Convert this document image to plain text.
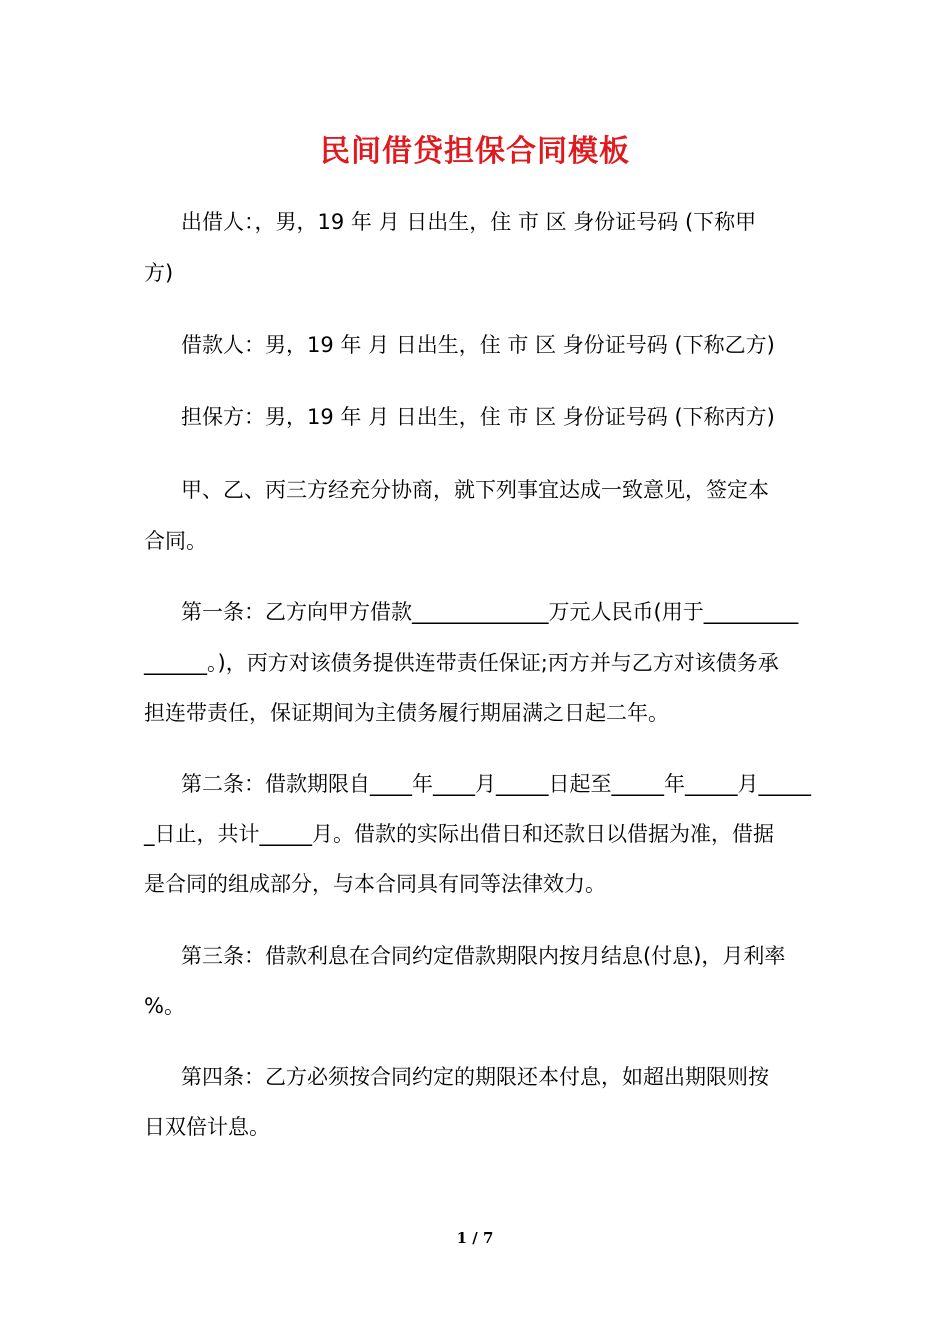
民间借贷担保合同模板
出借人：，男，19 年 月 日出生，住 市 区 身份证号码 (下称甲
方)
借款人：男，19 年 月 日出生，住 市 区 身份证号码 (下称乙方)
担保方：男，19 年 月 日出生，住 市 区 身份证号码 (下称丙方)
甲、乙、丙三方经充分协商，就下列事宜达成一致意见，签定本
合同。
第一条：乙方向甲方借款_____________万元人民币(用于_________
______。)，丙方对该债务提供连带责任保证;丙方并与乙方对该债务承
担连带责任，保证期间为主债务履行期届满之日起二年。
第二条：借款期限自____年____月_____日起至_____年_____月_____
_日止，共计_____月。借款的实际出借日和还款日以借据为准，借据
是合同的组成部分，与本合同具有同等法律效力。
第三条：借款利息在合同约定借款期限内按月结息(付息)，月利率
%。
第四条：乙方必须按合同约定的期限还本付息，如超出期限则按
日双倍计息。
1 / 7
